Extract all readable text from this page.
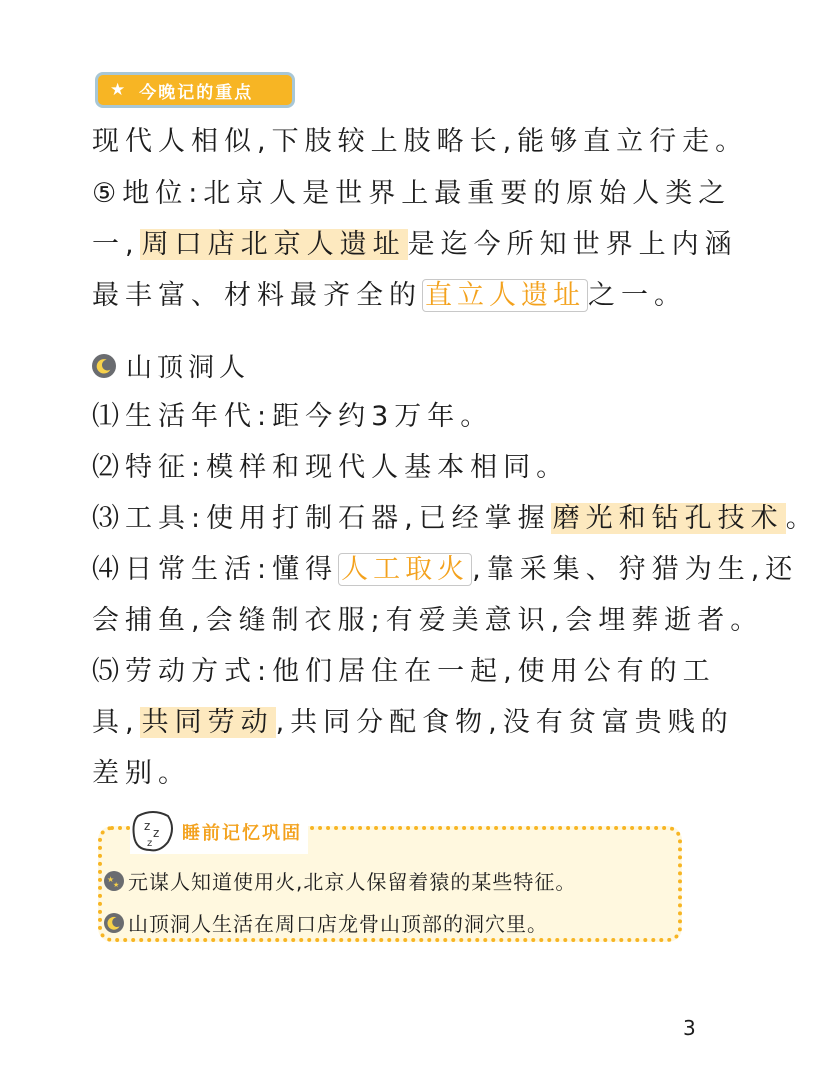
★ 今晚记的重点
现代人相似,下肢较上肢略长,能够直立行走。
⑤地位:北京人是世界上最重要的原始人类之
一,周口店北京人遗址是迄今所知世界上内涵
最丰富、材料最齐全的 直立人遗址 之一。
山顶洞人
⑴生活年代:距今约3万年。
⑵特征:模样和现代人基本相同。
⑶工具:使用打制石器,已经掌握磨光和钻孔技术。
⑷日常生活:懂得 人工取火 ,靠采集、狩猎为生,还
会捕鱼,会缝制衣服;有爱美意识,会埋葬逝者。
⑸劳动方式:他们居住在一起,使用公有的工
具,共同劳动,共同分配食物,没有贫富贵贱的
差别。
z z
z 睡前记忆巩固
★
★ 元谋人知道使用火,北京人保留着猿的某些特征。
山顶洞人生活在周口店龙骨山顶部的洞穴里。
3
